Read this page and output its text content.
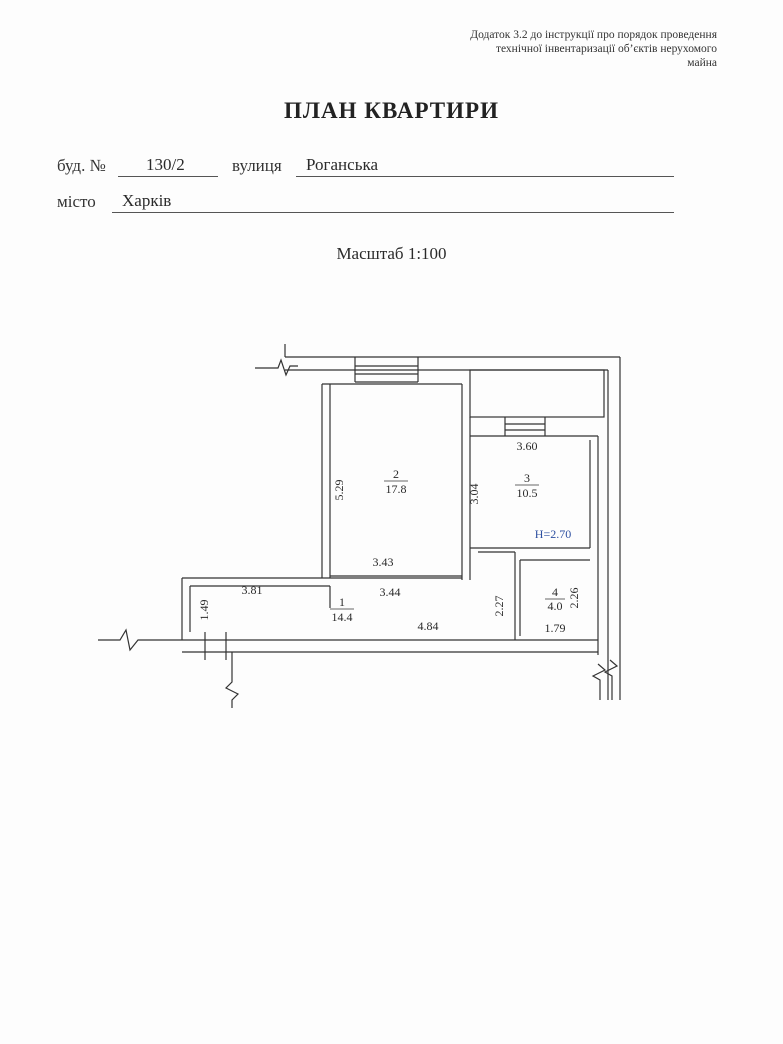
Додаток 3.2 до інструкції про порядок проведення
технічної інвентаризації об’єктів нерухомого
майна
ПЛАН КВАРТИРИ
буд. № 130/2	вулиця Роганська
місто Харків
Масштаб 1:100
5.29
3.43
3.60
3.04
H=2.70
3.81	3.44
4.84
1.49	2.27	2.26
1.79
2
17.8
3
10.5
1
14.4
4
4.0
